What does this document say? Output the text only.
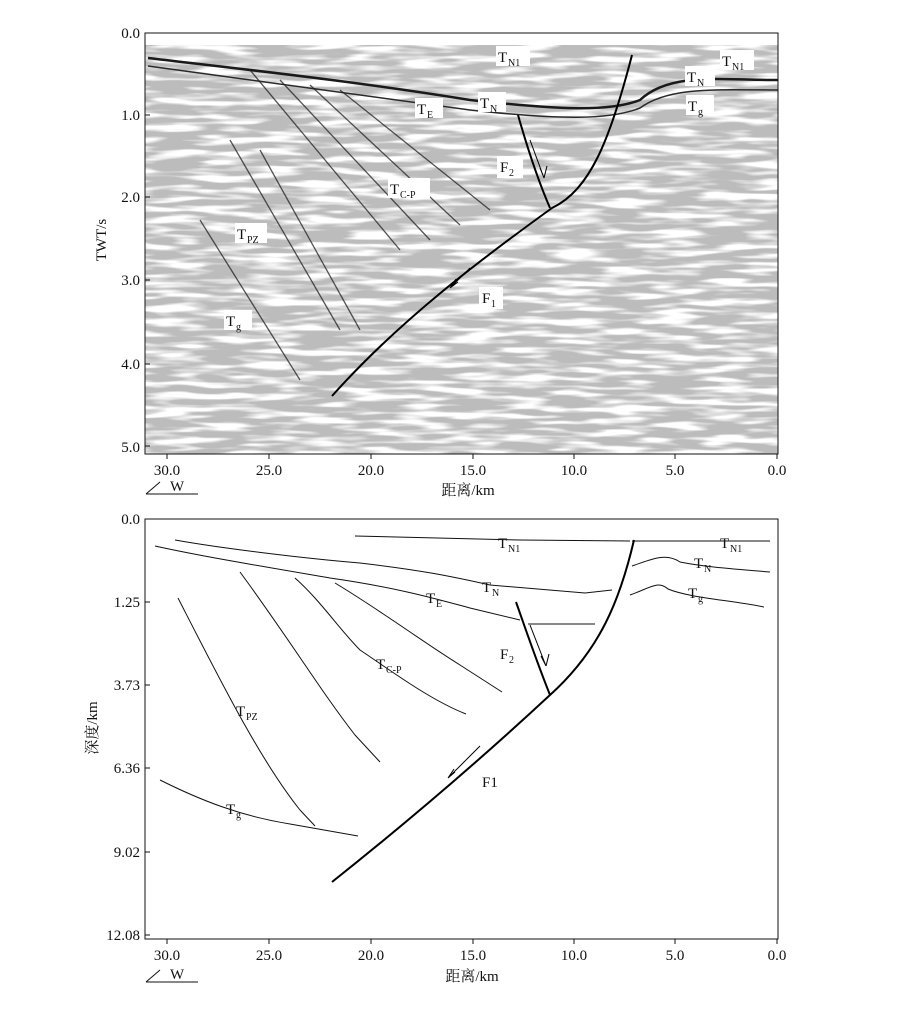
T N1	T N1
T N
T N	T g
T E
F 2
T C-P
T PZ
F 1
T g
0.0
1.0
2.0
3.0
4.0
5.0
TWT/s
30.0	25.0	20.0	15.0	10.0	5.0	0.0
距离/km
W
T N1	T N1
T N
T N	T g
T E
F 2
T C-P
T PZ
F1
T g
0.0
1.25
3.73
6.36
9.02
12.08
深度/km
30.0	25.0	20.0	15.0	10.0	5.0	0.0
距离/km
W
